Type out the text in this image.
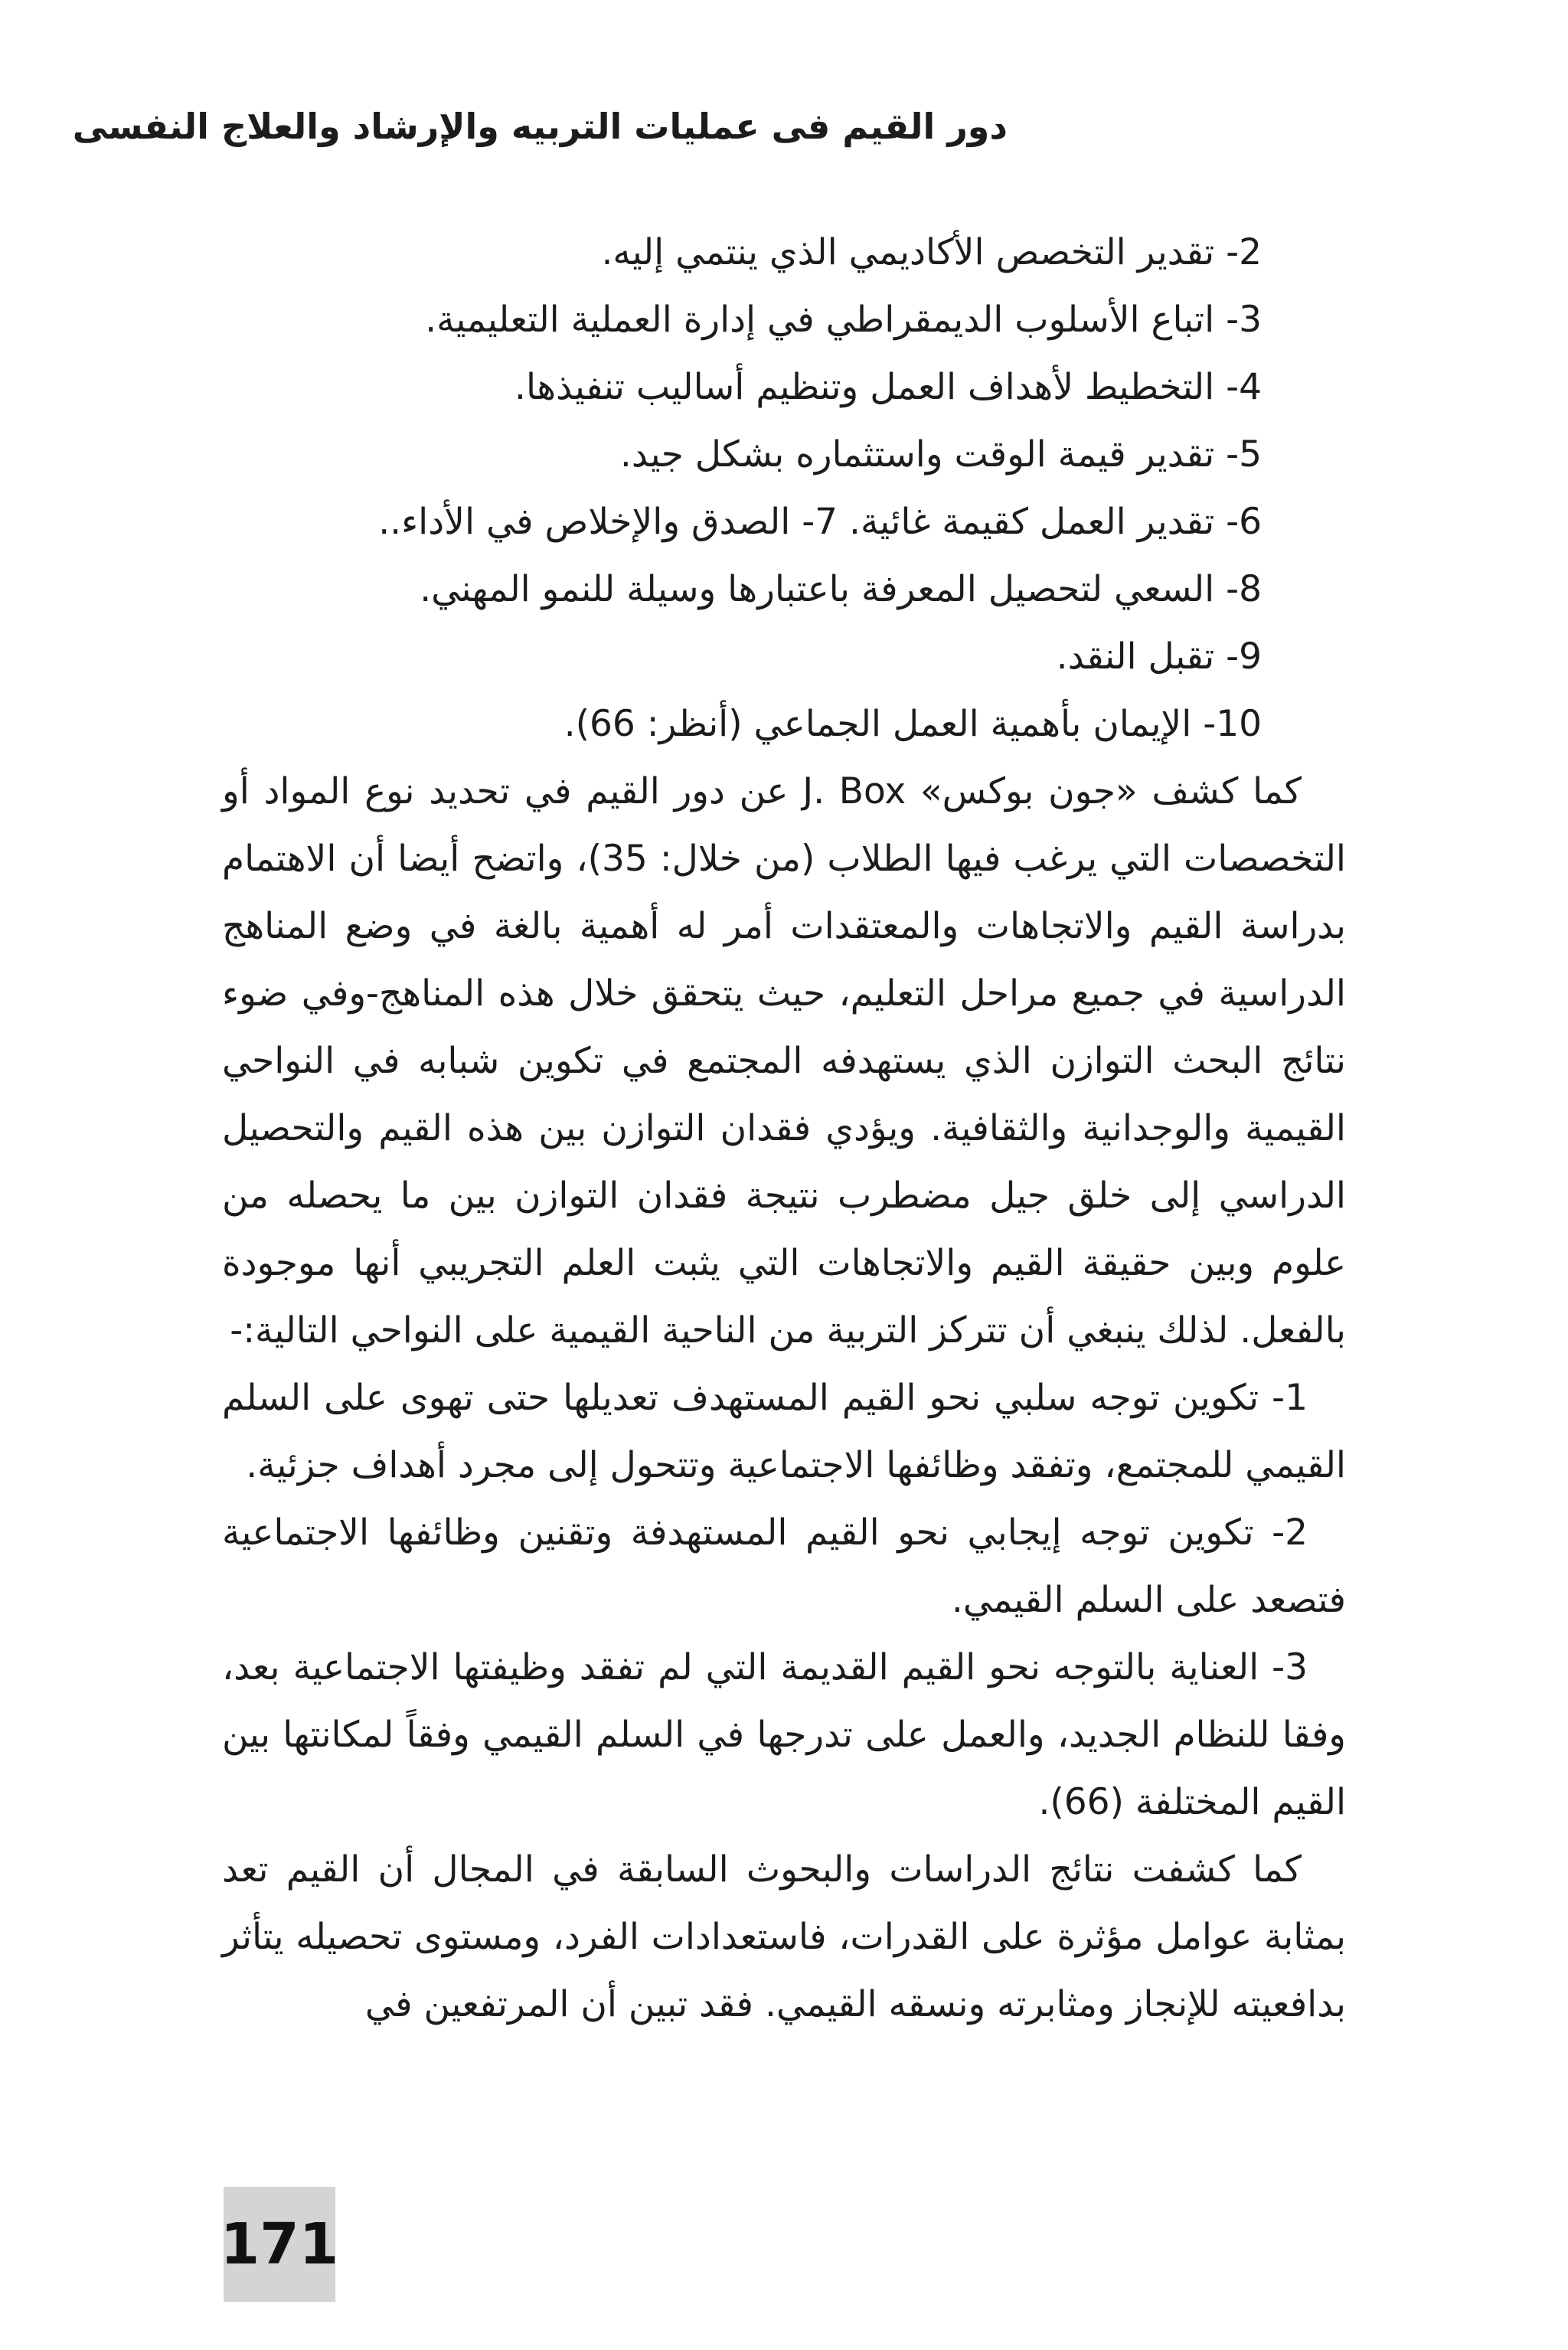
دور القيم فى عمليات التربيه والإرشاد والعلاج النفسى
2- تقدير التخصص الأكاديمي الذي ينتمي إليه.
3- اتباع الأسلوب الديمقراطي في إدارة العملية التعليمية.
4- التخطيط لأهداف العمل وتنظيم أساليب تنفيذها.
5- تقدير قيمة الوقت واستثماره بشكل جيد.
6- تقدير العمل كقيمة غائية. 7- الصدق والإخلاص في الأداء..
8- السعي لتحصيل المعرفة باعتبارها وسيلة للنمو المهني.
9- تقبل النقد.
10- الإيمان بأهمية العمل الجماعي (أنظر: 66).

كما كشف «جون بوكس» J. Box عن دور القيم في تحديد نوع المواد أو التخصصات التي يرغب فيها الطلاب (من خلال: 35)، واتضح أيضا أن الاهتمام بدراسة القيم والاتجاهات والمعتقدات أمر له أهمية بالغة في وضع المناهج الدراسية في جميع مراحل التعليم، حيث يتحقق خلال هذه المناهج-وفي ضوء نتائج البحث التوازن الذي يستهدفه المجتمع في تكوين شبابه في النواحي القيمية والوجدانية والثقافية. ويؤدي فقدان التوازن بين هذه القيم والتحصيل الدراسي إلى خلق جيل مضطرب نتيجة فقدان التوازن بين ما يحصله من علوم وبين حقيقة القيم والاتجاهات التي يثبت العلم التجريبي أنها موجودة بالفعل. لذلك ينبغي أن تتركز التربية من الناحية القيمية على النواحي التالية:-

1- تكوين توجه سلبي نحو القيم المستهدف تعديلها حتى تهوى على السلم القيمي للمجتمع، وتفقد وظائفها الاجتماعية وتتحول إلى مجرد أهداف جزئية.

2- تكوين توجه إيجابي نحو القيم المستهدفة وتقنين وظائفها الاجتماعية فتصعد على السلم القيمي.

3- العناية بالتوجه نحو القيم القديمة التي لم تفقد وظيفتها الاجتماعية بعد، وفقا للنظام الجديد، والعمل على تدرجها في السلم القيمي وفقاً لمكانتها بين القيم المختلفة (66).

كما كشفت نتائج الدراسات والبحوث السابقة في المجال أن القيم تعد بمثابة عوامل مؤثرة على القدرات، فاستعدادات الفرد، ومستوى تحصيله يتأثر بدافعيته للإنجاز ومثابرته ونسقه القيمي. فقد تبين أن المرتفعين في

171
